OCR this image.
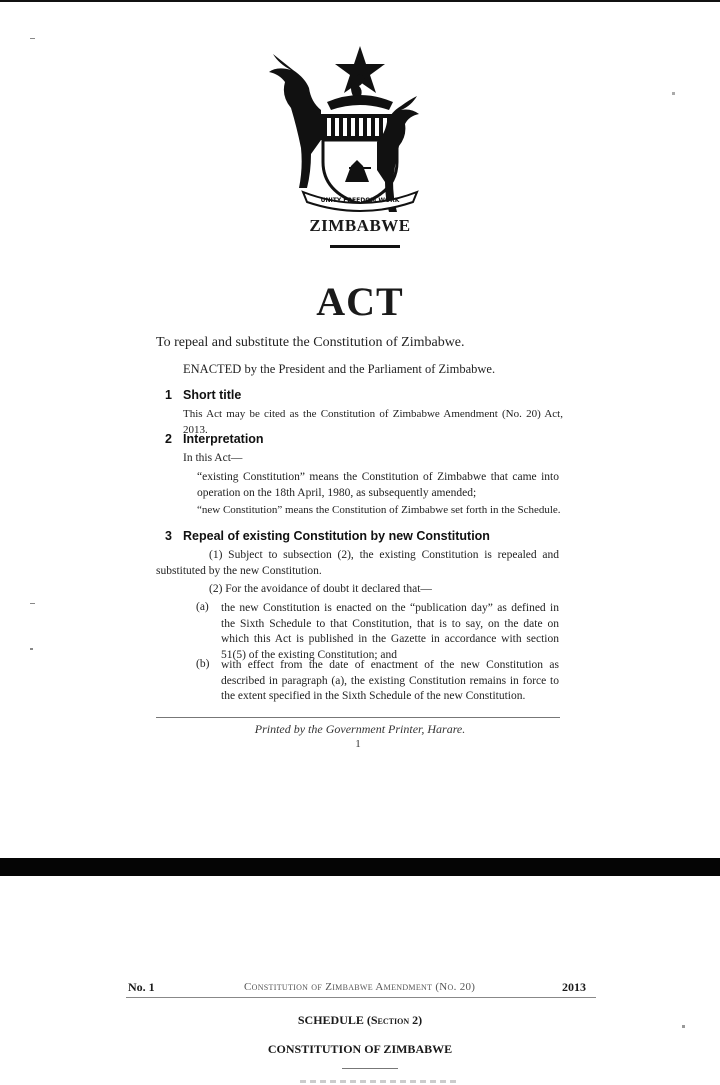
UNITY FREEDOM WORK
ZIMBABWE
ACT
To repeal and substitute the Constitution of Zimbabwe.
ENACTED by the President and the Parliament of Zimbabwe.
1 Short title
This Act may be cited as the Constitution of Zimbabwe Amendment (No. 20) Act, 2013.
2 Interpretation
In this Act—
“existing Constitution” means the Constitution of Zimbabwe that came into operation on the 18th April, 1980, as subsequently amended;
“new Constitution” means the Constitution of Zimbabwe set forth in the Schedule.
3 Repeal of existing Constitution by new Constitution
(1) Subject to subsection (2), the existing Constitution is repealed and substituted by the new Constitution.
(2) For the avoidance of doubt it declared that—
(a) the new Constitution is enacted on the “publication day” as defined in the Sixth Schedule to that Constitution, that is to say, on the date on which this Act is published in the Gazette in accordance with section 51(5) of the existing Constitution; and
(b) with effect from the date of enactment of the new Constitution as described in paragraph (a), the existing Constitution remains in force to the extent specified in the Sixth Schedule of the new Constitution.
Printed by the Government Printer, Harare.
1
No. 1	Constitution of Zimbabwe Amendment (No. 20)	2013
SCHEDULE (Section 2)
CONSTITUTION OF ZIMBABWE
